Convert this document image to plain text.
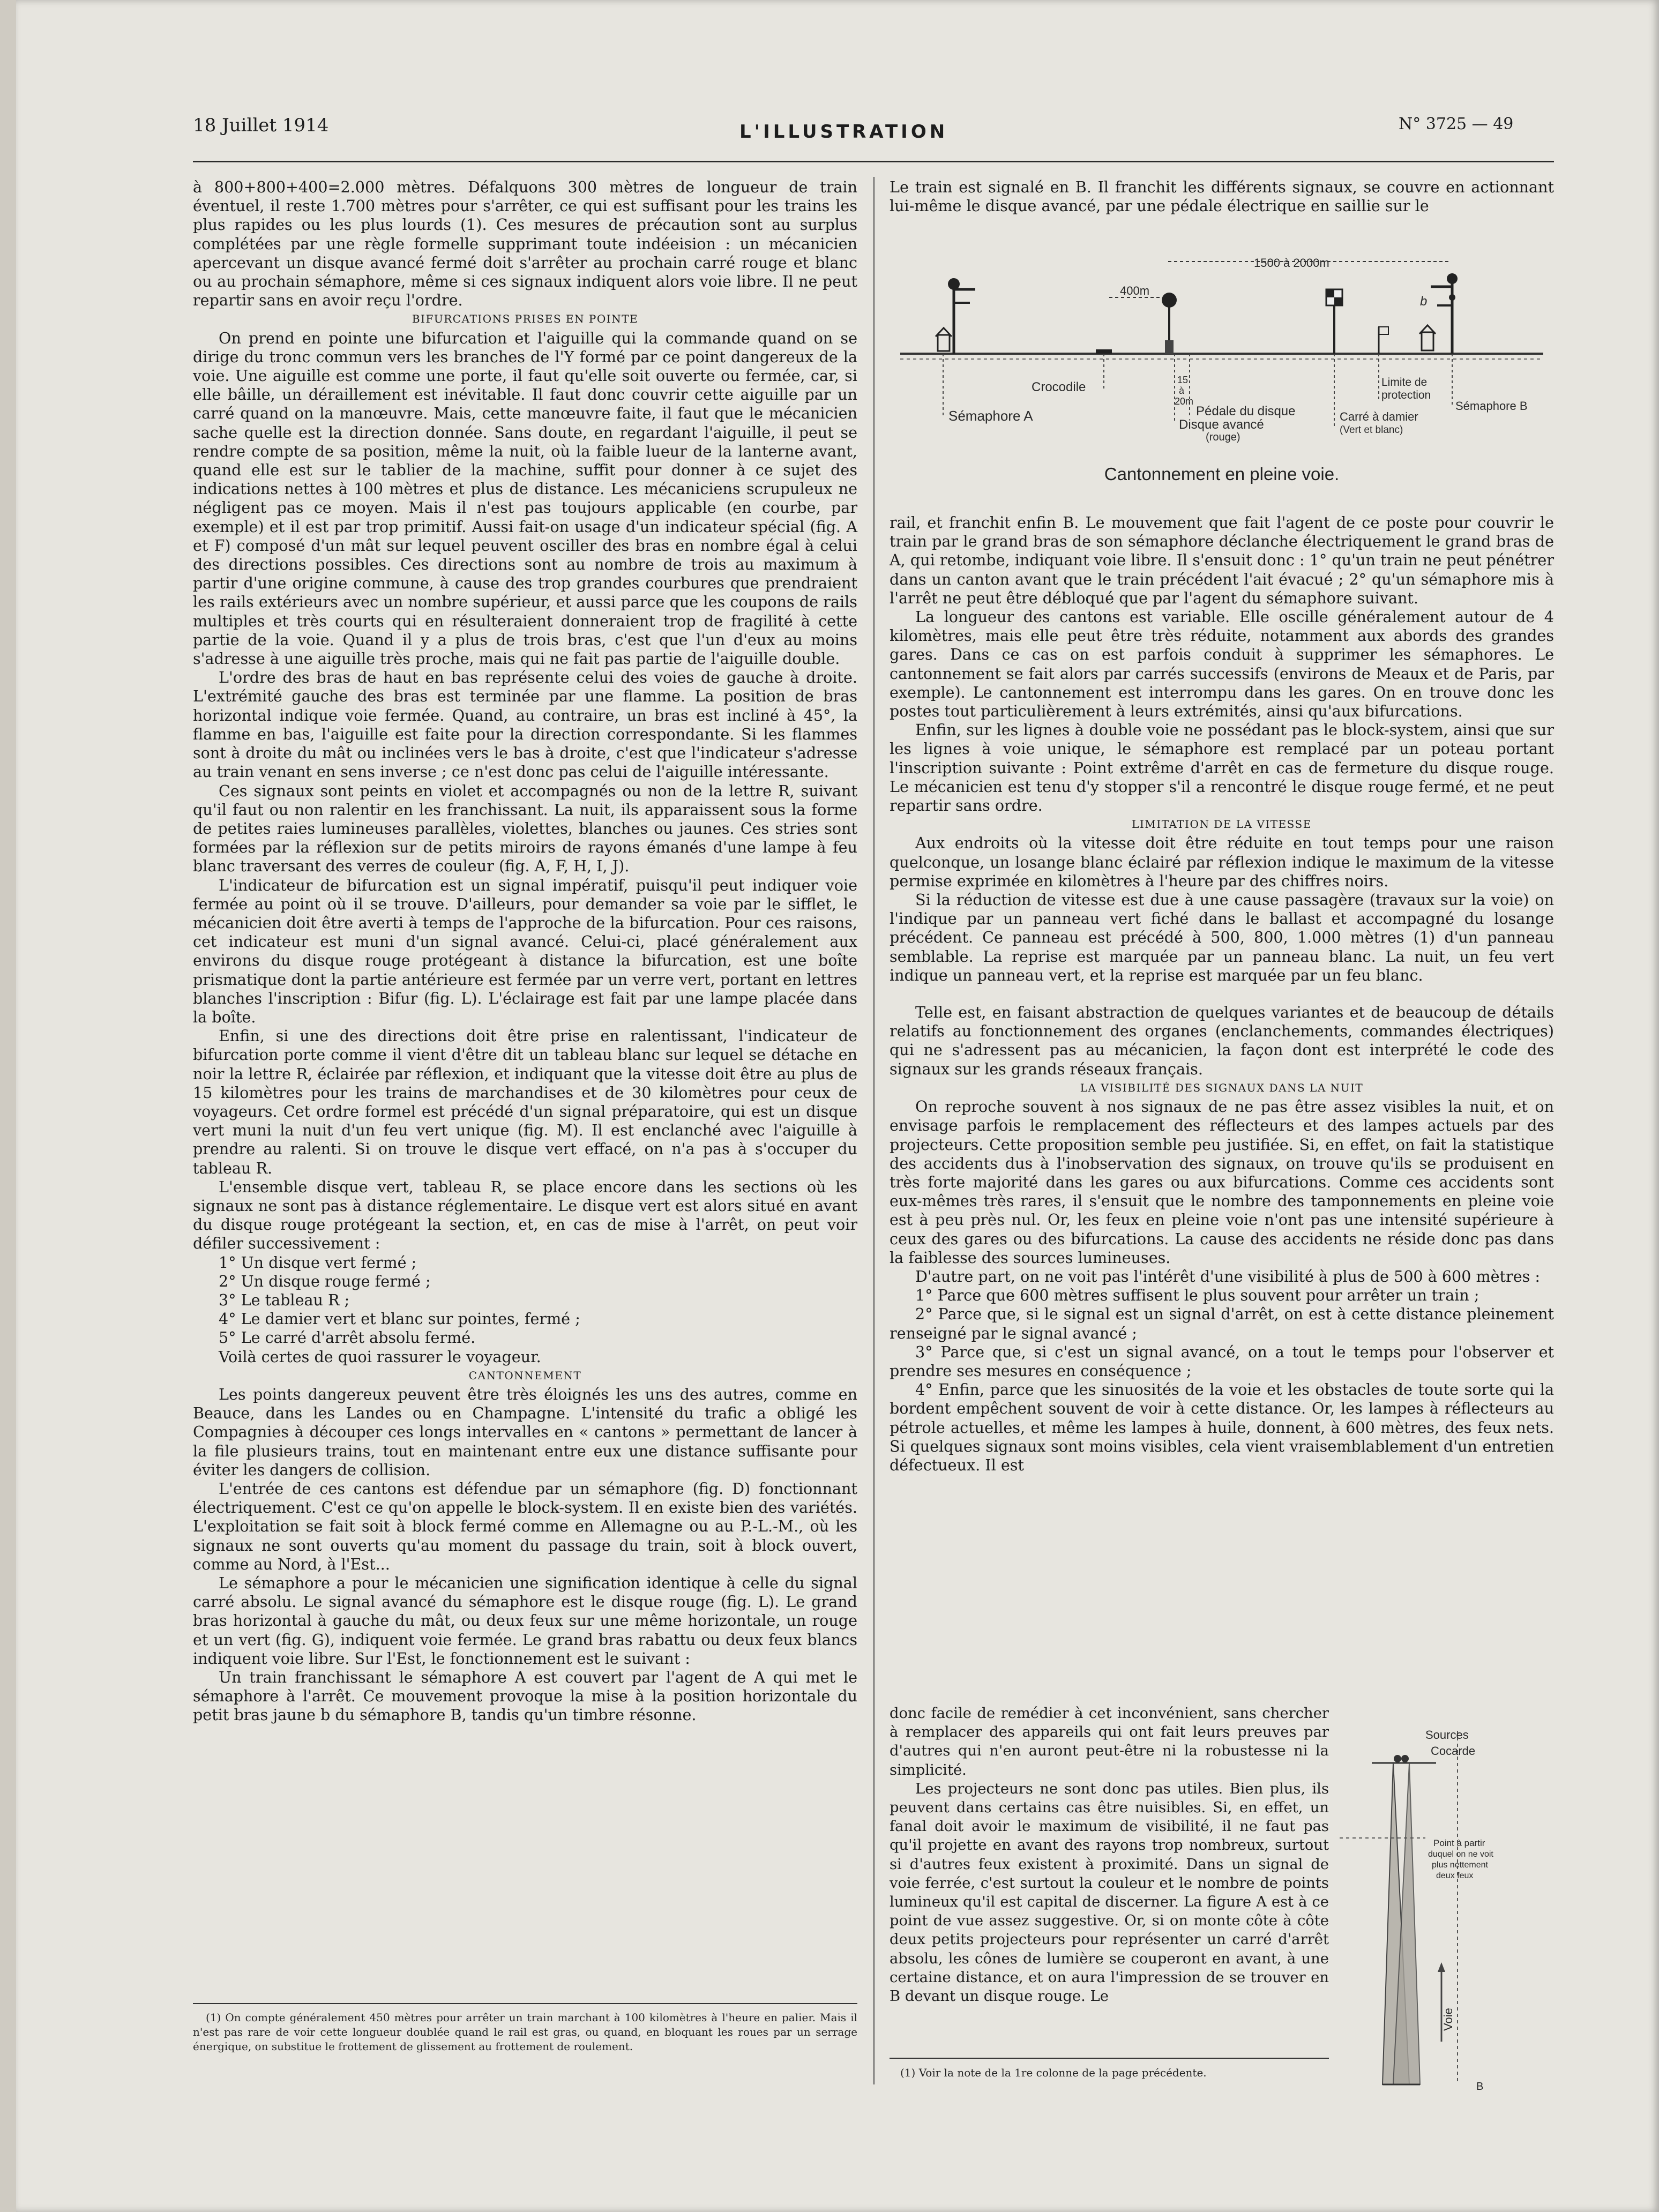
18 Juillet 1914	L'ILLUSTRATION	N° 3725 — 49

à 800+800+400=2.000 mètres. Défalquons 300 mètres de longueur de train éventuel, il reste 1.700 mètres pour s'arrêter, ce qui est suffisant pour les trains les plus rapides ou les plus lourds (1). Ces mesures de précaution sont au surplus complétées par une règle formelle supprimant toute indéeision : un mécanicien apercevant un disque avancé fermé doit s'arrêter au prochain carré rouge et blanc ou au prochain sémaphore, même si ces signaux indiquent alors voie libre. Il ne peut repartir sans en avoir reçu l'ordre.

BIFURCATIONS PRISES EN POINTE

On prend en pointe une bifurcation et l'aiguille qui la commande quand on se dirige du tronc commun vers les branches de l'Y formé par ce point dangereux de la voie. Une aiguille est comme une porte, il faut qu'elle soit ouverte ou fermée, car, si elle bâille, un déraillement est inévitable. Il faut donc couvrir cette aiguille par un carré quand on la manœuvre. Mais, cette manœuvre faite, il faut que le mécanicien sache quelle est la direction donnée. Sans doute, en regardant l'aiguille, il peut se rendre compte de sa position, même la nuit, où la faible lueur de la lanterne avant, quand elle est sur le tablier de la machine, suffit pour donner à ce sujet des indications nettes à 100 mètres et plus de distance. Les mécaniciens scrupuleux ne négligent pas ce moyen. Mais il n'est pas toujours applicable (en courbe, par exemple) et il est par trop primitif. Aussi fait-on usage d'un indicateur spécial (fig. A et F) composé d'un mât sur lequel peuvent osciller des bras en nombre égal à celui des directions possibles. Ces directions sont au nombre de trois au maximum à partir d'une origine commune, à cause des trop grandes courbures que prendraient les rails extérieurs avec un nombre supérieur, et aussi parce que les coupons de rails multiples et très courts qui en résulteraient donneraient trop de fragilité à cette partie de la voie. Quand il y a plus de trois bras, c'est que l'un d'eux au moins s'adresse à une aiguille très proche, mais qui ne fait pas partie de l'aiguille double.

L'ordre des bras de haut en bas représente celui des voies de gauche à droite. L'extrémité gauche des bras est terminée par une flamme. La position de bras horizontal indique voie fermée. Quand, au contraire, un bras est incliné à 45°, la flamme en bas, l'aiguille est faite pour la direction correspondante. Si les flammes sont à droite du mât ou inclinées vers le bas à droite, c'est que l'indicateur s'adresse au train venant en sens inverse ; ce n'est donc pas celui de l'aiguille intéressante.

Ces signaux sont peints en violet et accompagnés ou non de la lettre R, suivant qu'il faut ou non ralentir en les franchissant. La nuit, ils apparaissent sous la forme de petites raies lumineuses parallèles, violettes, blanches ou jaunes. Ces stries sont formées par la réflexion sur de petits miroirs de rayons émanés d'une lampe à feu blanc traversant des verres de couleur (fig. A, F, H, I, J).

L'indicateur de bifurcation est un signal impératif, puisqu'il peut indiquer voie fermée au point où il se trouve. D'ailleurs, pour demander sa voie par le sifflet, le mécanicien doit être averti à temps de l'approche de la bifurcation. Pour ces raisons, cet indicateur est muni d'un signal avancé. Celui-ci, placé généralement aux environs du disque rouge protégeant à distance la bifurcation, est une boîte prismatique dont la partie antérieure est fermée par un verre vert, portant en lettres blanches l'inscription : Bifur (fig. L). L'éclairage est fait par une lampe placée dans la boîte.

Enfin, si une des directions doit être prise en ralentissant, l'indicateur de bifurcation porte comme il vient d'être dit un tableau blanc sur lequel se détache en noir la lettre R, éclairée par réflexion, et indiquant que la vitesse doit être au plus de 15 kilomètres pour les trains de marchandises et de 30 kilomètres pour ceux de voyageurs. Cet ordre formel est précédé d'un signal préparatoire, qui est un disque vert muni la nuit d'un feu vert unique (fig. M). Il est enclanché avec l'aiguille à prendre au ralenti. Si on trouve le disque vert effacé, on n'a pas à s'occuper du tableau R.

L'ensemble disque vert, tableau R, se place encore dans les sections où les signaux ne sont pas à distance réglementaire. Le disque vert est alors situé en avant du disque rouge protégeant la section, et, en cas de mise à l'arrêt, on peut voir défiler successivement :

1° Un disque vert fermé ;

2° Un disque rouge fermé ;

3° Le tableau R ;

4° Le damier vert et blanc sur pointes, fermé ;

5° Le carré d'arrêt absolu fermé.

Voilà certes de quoi rassurer le voyageur.

CANTONNEMENT

Les points dangereux peuvent être très éloignés les uns des autres, comme en Beauce, dans les Landes ou en Champagne. L'intensité du trafic a obligé les Compagnies à découper ces longs intervalles en « cantons » permettant de lancer à la file plusieurs trains, tout en maintenant entre eux une distance suffisante pour éviter les dangers de collision.

L'entrée de ces cantons est défendue par un sémaphore (fig. D) fonctionnant électriquement. C'est ce qu'on appelle le block-system. Il en existe bien des variétés. L'exploitation se fait soit à block fermé comme en Allemagne ou au P.-L.-M., où les signaux ne sont ouverts qu'au moment du passage du train, soit à block ouvert, comme au Nord, à l'Est...

Le sémaphore a pour le mécanicien une signification identique à celle du signal carré absolu. Le signal avancé du sémaphore est le disque rouge (fig. L). Le grand bras horizontal à gauche du mât, ou deux feux sur une même horizontale, un rouge et un vert (fig. G), indiquent voie fermée. Le grand bras rabattu ou deux feux blancs indiquent voie libre. Sur l'Est, le fonctionnement est le suivant :

Un train franchissant le sémaphore A est couvert par l'agent de A qui met le sémaphore à l'arrêt. Ce mouvement provoque la mise à la position horizontale du petit bras jaune b du sémaphore B, tandis qu'un timbre résonne.

(1) On compte généralement 450 mètres pour arrêter un train marchant à 100 kilomètres à l'heure en palier. Mais il n'est pas rare de voir cette longueur doublée quand le rail est gras, ou quand, en bloquant les roues par un serrage énergique, on substitue le frottement de glissement au frottement de roulement.

Le train est signalé en B. Il franchit les différents signaux, se couvre en actionnant lui-même le disque avancé, par une pédale électrique en saillie sur le

1500 à 2000m
400m
b
Crocodile
Sémaphore A
15
à
20m
Pédale du disque
Disque avancé
(rouge)
Limite de
protection
Carré à damier
(Vert et blanc)
Sémaphore B
Cantonnement en pleine voie.

rail, et franchit enfin B. Le mouvement que fait l'agent de ce poste pour couvrir le train par le grand bras de son sémaphore déclanche électriquement le grand bras de A, qui retombe, indiquant voie libre. Il s'ensuit donc : 1° qu'un train ne peut pénétrer dans un canton avant que le train précédent l'ait évacué ; 2° qu'un sémaphore mis à l'arrêt ne peut être débloqué que par l'agent du sémaphore suivant.

La longueur des cantons est variable. Elle oscille généralement autour de 4 kilomètres, mais elle peut être très réduite, notamment aux abords des grandes gares. Dans ce cas on est parfois conduit à supprimer les sémaphores. Le cantonnement se fait alors par carrés successifs (environs de Meaux et de Paris, par exemple). Le cantonnement est interrompu dans les gares. On en trouve donc les postes tout particulièrement à leurs extrémités, ainsi qu'aux bifurcations.

Enfin, sur les lignes à double voie ne possédant pas le block-system, ainsi que sur les lignes à voie unique, le sémaphore est remplacé par un poteau portant l'inscription suivante : Point extrême d'arrêt en cas de fermeture du disque rouge. Le mécanicien est tenu d'y stopper s'il a rencontré le disque rouge fermé, et ne peut repartir sans ordre.

LIMITATION DE LA VITESSE

Aux endroits où la vitesse doit être réduite en tout temps pour une raison quelconque, un losange blanc éclairé par réflexion indique le maximum de la vitesse permise exprimée en kilomètres à l'heure par des chiffres noirs.

Si la réduction de vitesse est due à une cause passagère (travaux sur la voie) on l'indique par un panneau vert fiché dans le ballast et accompagné du losange précédent. Ce panneau est précédé à 500, 800, 1.000 mètres (1) d'un panneau semblable. La reprise est marquée par un panneau blanc. La nuit, un feu vert indique un panneau vert, et la reprise est marquée par un feu blanc.

Telle est, en faisant abstraction de quelques variantes et de beaucoup de détails relatifs au fonctionnement des organes (enclanchements, commandes électriques) qui ne s'adressent pas au mécanicien, la façon dont est interprété le code des signaux sur les grands réseaux français.

LA VISIBILITÉ DES SIGNAUX DANS LA NUIT

On reproche souvent à nos signaux de ne pas être assez visibles la nuit, et on envisage parfois le remplacement des réflecteurs et des lampes actuels par des projecteurs. Cette proposition semble peu justifiée. Si, en effet, on fait la statistique des accidents dus à l'inobservation des signaux, on trouve qu'ils se produisent en très forte majorité dans les gares ou aux bifurcations. Comme ces accidents sont eux-mêmes très rares, il s'ensuit que le nombre des tamponnements en pleine voie est à peu près nul. Or, les feux en pleine voie n'ont pas une intensité supérieure à ceux des gares ou des bifurcations. La cause des accidents ne réside donc pas dans la faiblesse des sources lumineuses.

D'autre part, on ne voit pas l'intérêt d'une visibilité à plus de 500 à 600 mètres :

1° Parce que 600 mètres suffisent le plus souvent pour arrêter un train ;

2° Parce que, si le signal est un signal d'arrêt, on est à cette distance pleinement renseigné par le signal avancé ;

3° Parce que, si c'est un signal avancé, on a tout le temps pour l'observer et prendre ses mesures en conséquence ;

4° Enfin, parce que les sinuosités de la voie et les obstacles de toute sorte qui la bordent empêchent souvent de voir à cette distance. Or, les lampes à réflecteurs au pétrole actuelles, et même les lampes à huile, donnent, à 600 mètres, des feux nets. Si quelques signaux sont moins visibles, cela vient vraisemblablement d'un entretien défectueux. Il est

donc facile de remédier à cet inconvénient, sans chercher à remplacer des appareils qui ont fait leurs preuves par d'autres qui n'en auront peut-être ni la robustesse ni la simplicité.

Les projecteurs ne sont donc pas utiles. Bien plus, ils peuvent dans certains cas être nuisibles. Si, en effet, un fanal doit avoir le maximum de visibilité, il ne faut pas qu'il projette en avant des rayons trop nombreux, surtout si d'autres feux existent à proximité. Dans un signal de voie ferrée, c'est surtout la couleur et le nombre de points lumineux qu'il est capital de discerner. La figure A est à ce point de vue assez suggestive. Or, si on monte côte à côte deux petits projecteurs pour représenter un carré d'arrêt absolu, les cônes de lumière se couperont en avant, à une certaine distance, et on aura l'impression de se trouver en B devant un disque rouge. Le

Sources
Cocarde
Point à partir
duquel on ne voit
plus nettement
deux feux
Voie
B

(1) Voir la note de la 1re colonne de la page précédente.
